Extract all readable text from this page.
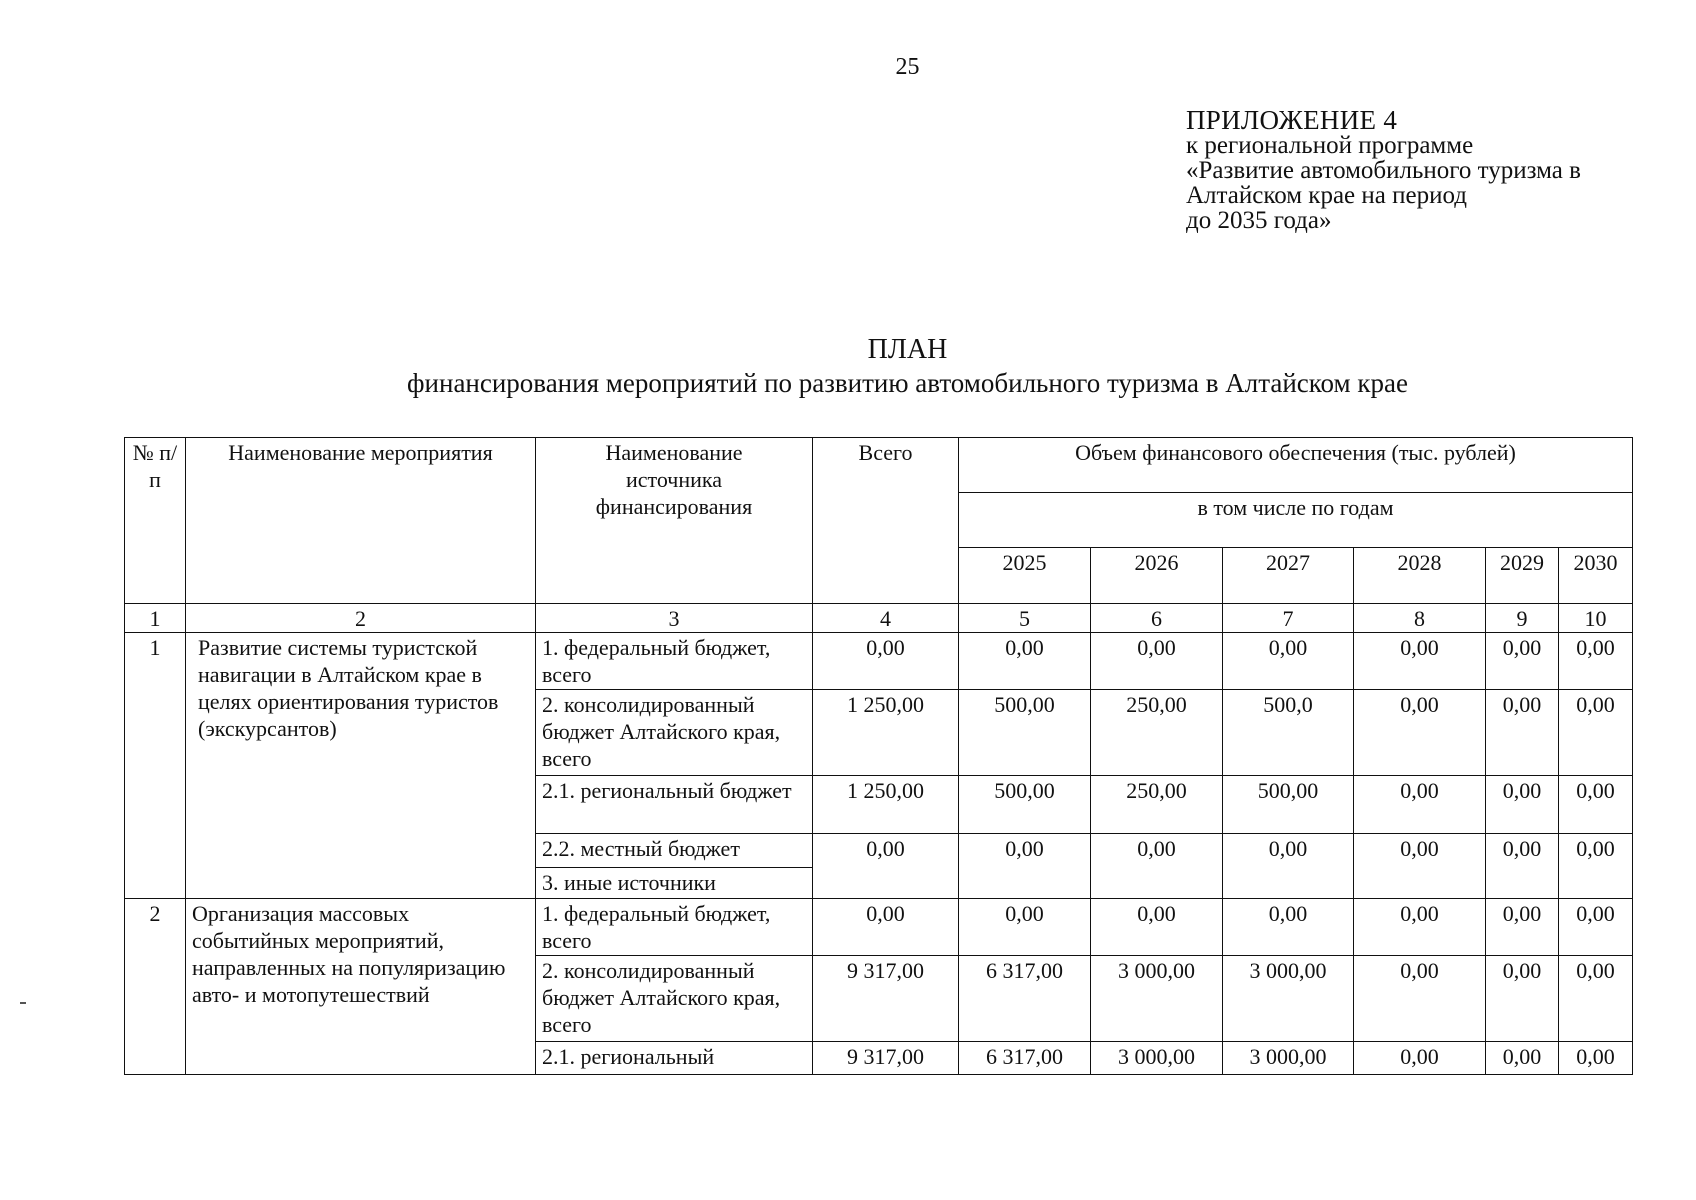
25
ПРИЛОЖЕНИЕ 4
к региональной программе
«Развитие автомобильного туризма в
Алтайском крае на период
до 2035 года»
ПЛАН
финансирования мероприятий по развитию автомобильного туризма в Алтайском крае
№ п/п	Наименование мероприятия	Наименование источника финансирования	Всего	Объем финансового обеспечения (тыс. рублей)					
				в том числе по годам					
				2025	2026	2027	2028	2029	2030
1	2	3	4	5	6	7	8	9	10
1	Развитие системы туристской навигации в Алтайском крае в целях ориентирования туристов (экскурсантов)	1. федеральный бюджет, всего	0,00	0,00	0,00	0,00	0,00	0,00	0,00
		2. консолидированный бюджет Алтайского края, всего	1 250,00	500,00	250,00	500,0	0,00	0,00	0,00
		2.1. региональный бюджет	1 250,00	500,00	250,00	500,00	0,00	0,00	0,00
		2.2. местный бюджет	0,00	0,00	0,00	0,00	0,00	0,00	0,00
		3. иные источники							
2	Организация массовых событийных мероприятий, направленных на популяризацию авто- и мотопутешествий	1. федеральный бюджет, всего	0,00	0,00	0,00	0,00	0,00	0,00	0,00
		2. консолидированный бюджет Алтайского края, всего	9 317,00	6 317,00	3 000,00	3 000,00	0,00	0,00	0,00
		2.1. региональный	9 317,00	6 317,00	3 000,00	3 000,00	0,00	0,00	0,00
